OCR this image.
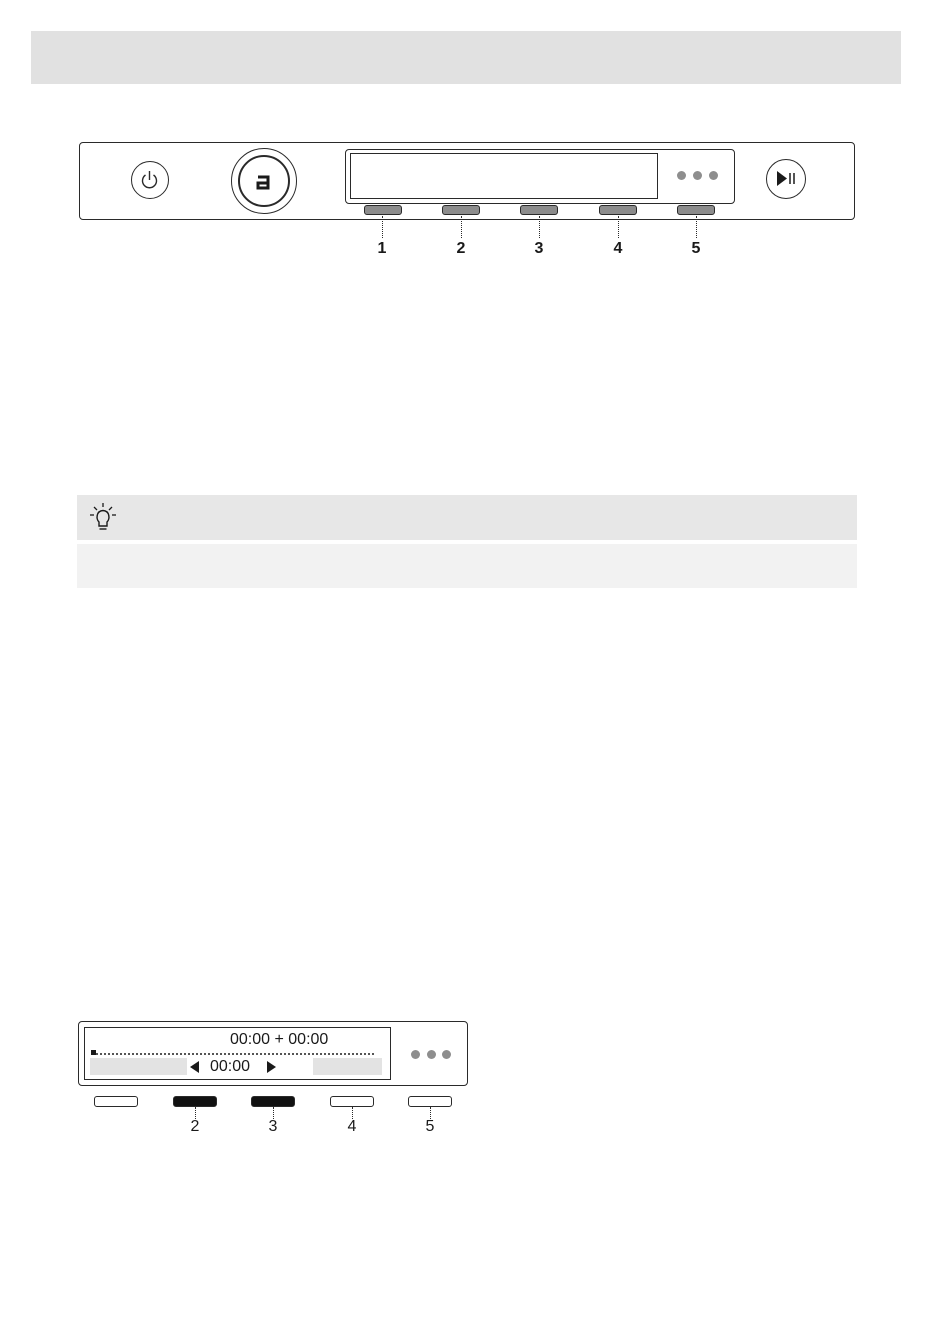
1	2	3	4	5
00:00 + 00:00
00:00
2	3	4	5
